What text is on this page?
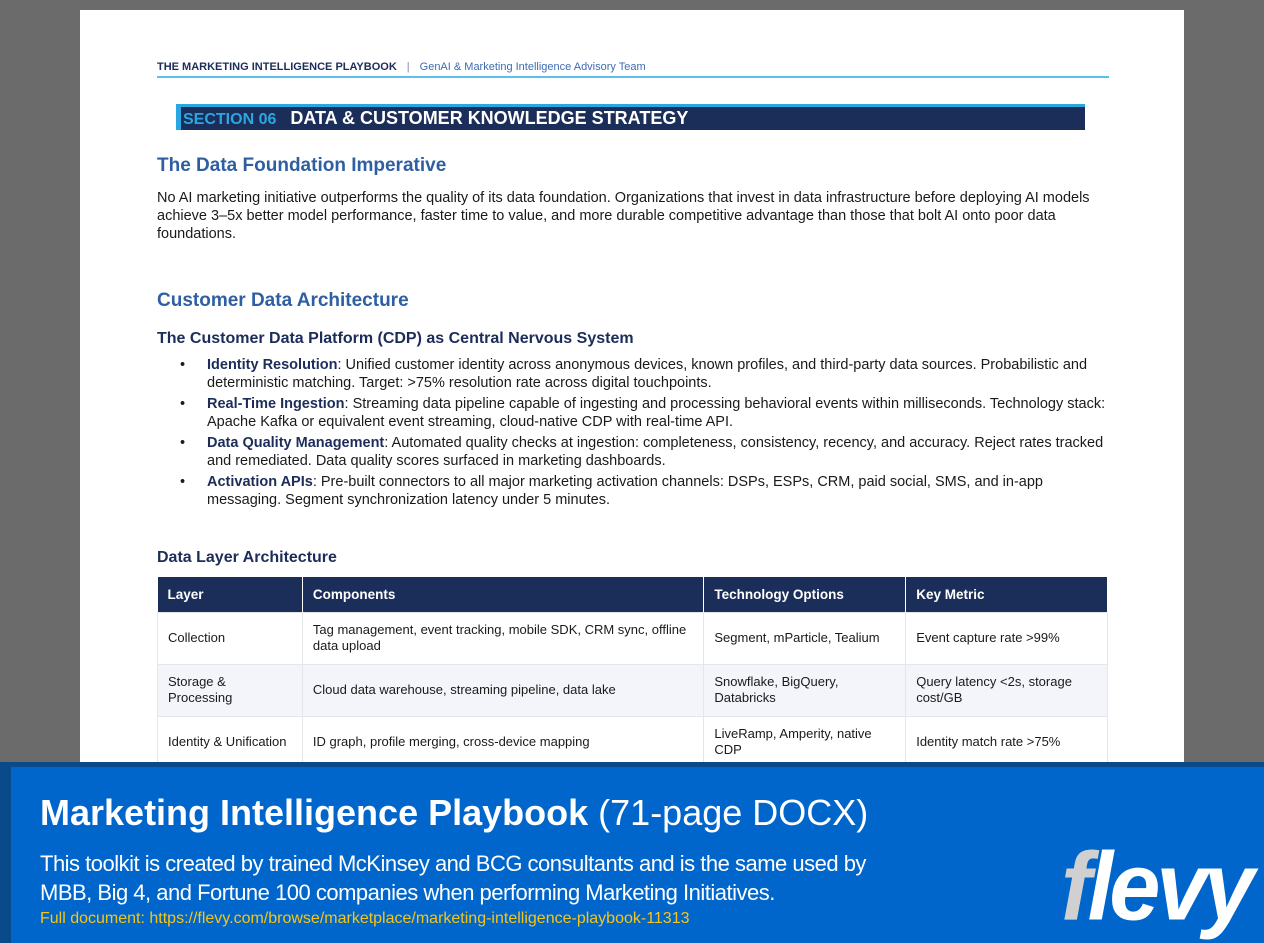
THE MARKETING INTELLIGENCE PLAYBOOK | GenAI & Marketing Intelligence Advisory Team
SECTION 06 DATA & CUSTOMER KNOWLEDGE STRATEGY
The Data Foundation Imperative

No AI marketing initiative outperforms the quality of its data foundation. Organizations that invest in data infrastructure before deploying AI models achieve 3–5x better model performance, faster time to value, and more durable competitive advantage than those that bolt AI onto poor data foundations.

Customer Data Architecture
The Customer Data Platform (CDP) as Central Nervous System
• Identity Resolution: Unified customer identity across anonymous devices, known profiles, and third-party data sources. Probabilistic and deterministic matching. Target: >75% resolution rate across digital touchpoints.
• Real-Time Ingestion: Streaming data pipeline capable of ingesting and processing behavioral events within milliseconds. Technology stack: Apache Kafka or equivalent event streaming, cloud-native CDP with real-time API.
• Data Quality Management: Automated quality checks at ingestion: completeness, consistency, recency, and accuracy. Reject rates tracked and remediated. Data quality scores surfaced in marketing dashboards.
• Activation APIs: Pre-built connectors to all major marketing activation channels: DSPs, ESPs, CRM, paid social, SMS, and in-app messaging. Segment synchronization latency under 5 minutes.
Data Layer Architecture
Layer	Components	Technology Options	Key Metric
Collection	Tag management, event tracking, mobile SDK, CRM sync, offline data upload	Segment, mParticle, Tealium	Event capture rate >99%
Storage & Processing	Cloud data warehouse, streaming pipeline, data lake	Snowflake, BigQuery, Databricks	Query latency <2s, storage cost/GB
Identity & Unification	ID graph, profile merging, cross-device mapping	LiveRamp, Amperity, native CDP	Identity match rate >75%
Marketing Intelligence Playbook (71-page DOCX)
This toolkit is created by trained McKinsey and BCG consultants and is the same used by MBB, Big 4, and Fortune 100 companies when performing Marketing Initiatives.
Full document: https://flevy.com/browse/marketplace/marketing-intelligence-playbook-11313	flevy
